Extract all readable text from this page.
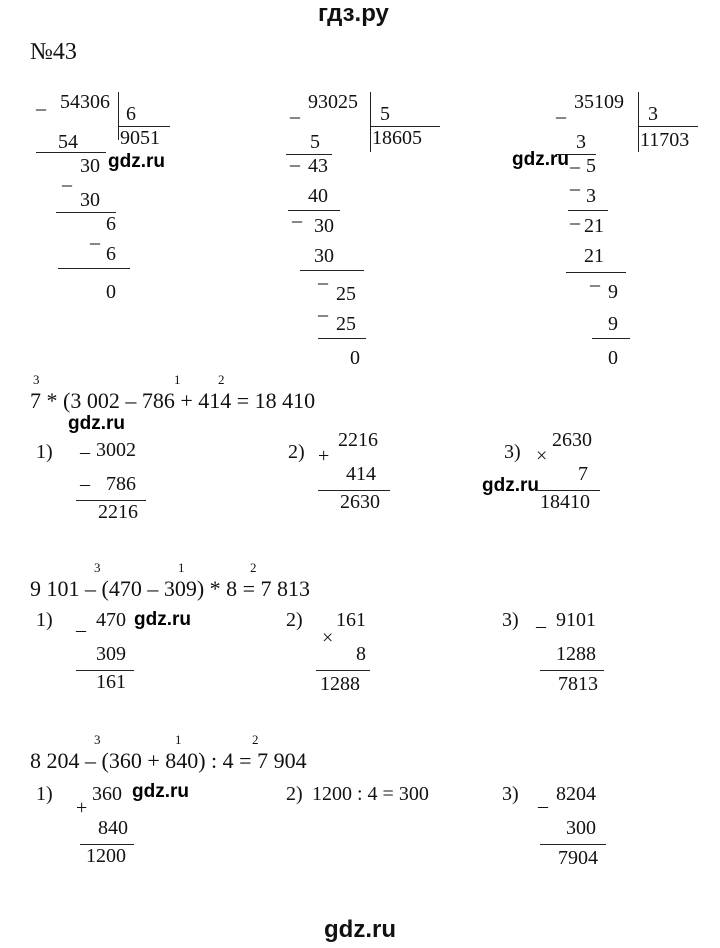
гдз.ру
№43
_ 54306
6
9051
54
30
_
30
6
_
6
0
_ 93025
5
18605
5
_ 43
40
_
30
30
_
25
_
25
0
_ 35109
3
11703
3
_ 5
_
3
_ 21
21
_
9
9
0
gdz.ru	gdz.ru
3	1	2
7 * (3 002 – 786 + 414 = 18 410
gdz.ru
1) – 3002
– 786
2216
2) +
2216
414
2630
3) ×
2630
7
18410
gdz.ru
3	1	2
9 101 – (470 – 309) * 8 = 7 813
1) – 470 gdz.ru
309
161
2)
×
161
8
1288
3) – 9101
1288
7813
3	1	2
8 204 – (360 + 840) : 4 = 7 904
1)
+
360 gdz.ru
840
1200
2) 1200 : 4 = 300	3)
–
8204
300
7904
gdz.ru
